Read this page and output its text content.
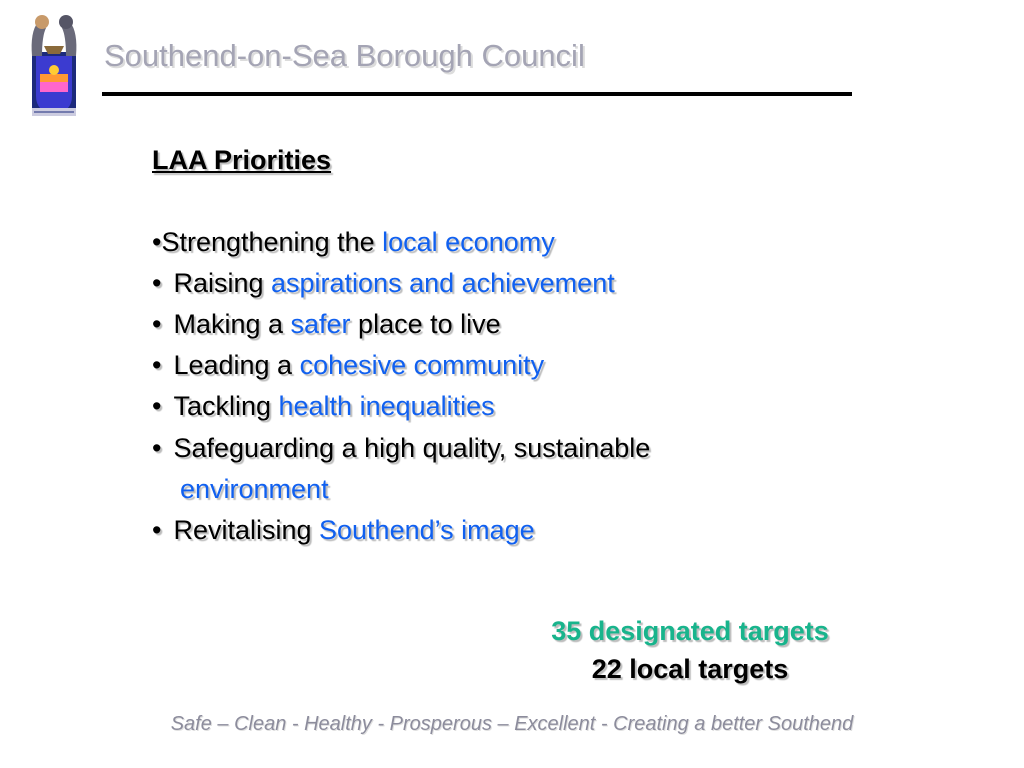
Southend-on-Sea Borough Council
LAA Priorities
•Strengthening the local economy
• Raising aspirations and achievement
• Making a safer place to live
• Leading a cohesive community
• Tackling health inequalities
• Safeguarding a high quality, sustainable
environment
• Revitalising Southend’s image
35 designated targets
22 local targets
Safe – Clean - Healthy - Prosperous – Excellent - Creating a better Southend
